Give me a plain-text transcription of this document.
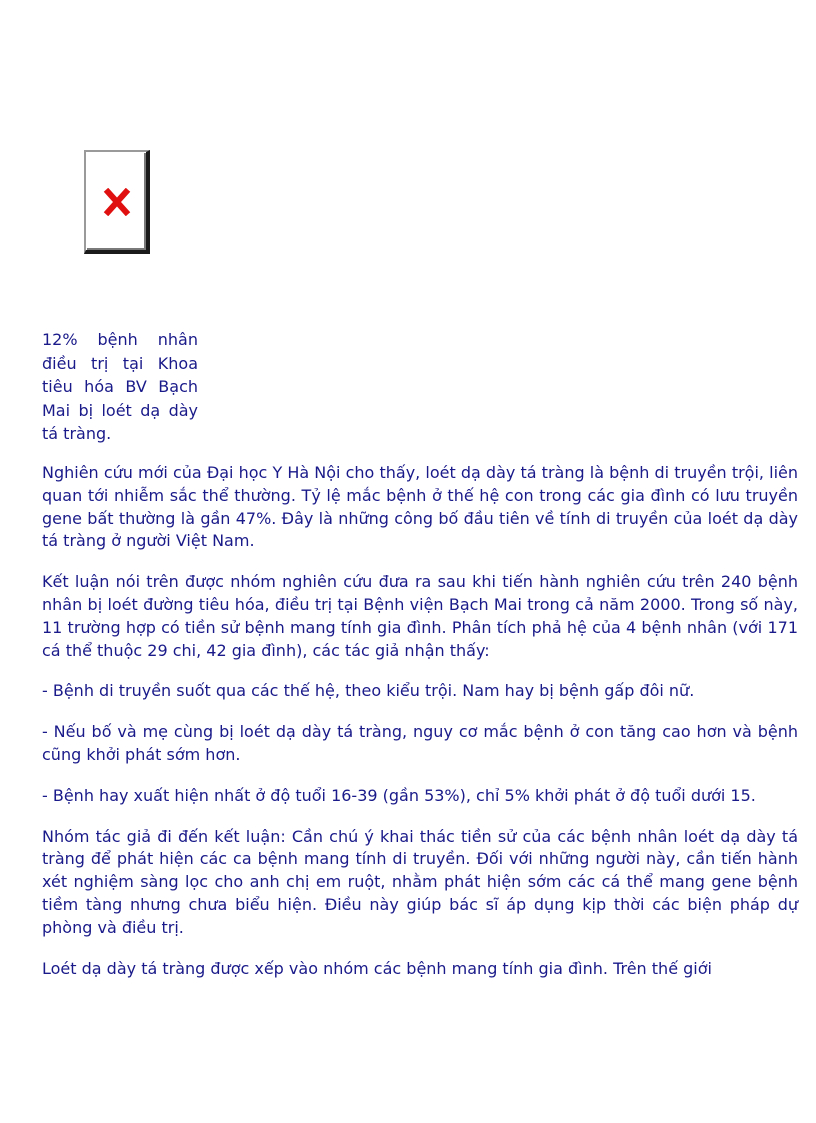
12% bệnh nhân điều trị tại Khoa tiêu hóa BV Bạch Mai bị loét dạ dày tá tràng.

Nghiên cứu mới của Đại học Y Hà Nội cho thấy, loét dạ dày tá tràng là bệnh di truyền trội, liên quan tới nhiễm sắc thể thường. Tỷ lệ mắc bệnh ở thế hệ con trong các gia đình có lưu truyền gene bất thường là gần 47%. Đây là những công bố đầu tiên về tính di truyền của loét dạ dày tá tràng ở người Việt Nam.

Kết luận nói trên được nhóm nghiên cứu đưa ra sau khi tiến hành nghiên cứu trên 240 bệnh nhân bị loét đường tiêu hóa, điều trị tại Bệnh viện Bạch Mai trong cả năm 2000. Trong số này, 11 trường hợp có tiền sử bệnh mang tính gia đình. Phân tích phả hệ của 4 bệnh nhân (với 171 cá thể thuộc 29 chi, 42 gia đình), các tác giả nhận thấy:

- Bệnh di truyền suốt qua các thế hệ, theo kiểu trội. Nam hay bị bệnh gấp đôi nữ.

- Nếu bố và mẹ cùng bị loét dạ dày tá tràng, nguy cơ mắc bệnh ở con tăng cao hơn và bệnh cũng khởi phát sớm hơn.

- Bệnh hay xuất hiện nhất ở độ tuổi 16-39 (gần 53%), chỉ 5% khởi phát ở độ tuổi dưới 15.

Nhóm tác giả đi đến kết luận: Cần chú ý khai thác tiền sử của các bệnh nhân loét dạ dày tá tràng để phát hiện các ca bệnh mang tính di truyền. Đối với những người này, cần tiến hành xét nghiệm sàng lọc cho anh chị em ruột, nhằm phát hiện sớm các cá thể mang gene bệnh tiềm tàng nhưng chưa biểu hiện. Điều này giúp bác sĩ áp dụng kịp thời các biện pháp dự phòng và điều trị.

Loét dạ dày tá tràng được xếp vào nhóm các bệnh mang tính gia đình. Trên thế giới
